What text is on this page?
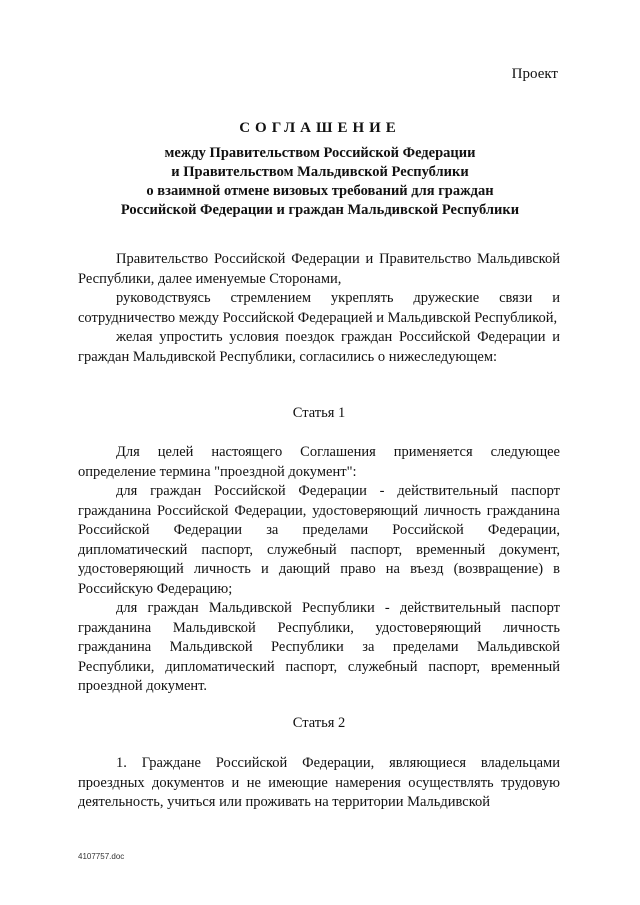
Проект
СОГЛАШЕНИЕ
между Правительством Российской Федерации
и Правительством Мальдивской Республики
о взаимной отмене визовых требований для граждан
Российской Федерации и граждан Мальдивской Республики

Правительство Российской Федерации и Правительство Мальдивской Республики, далее именуемые Сторонами,

руководствуясь стремлением укреплять дружеские связи и сотрудничество между Российской Федерацией и Мальдивской Республикой,

желая упростить условия поездок граждан Российской Федерации и граждан Мальдивской Республики, согласились о нижеследующем:

Статья 1

Для целей настоящего Соглашения применяется следующее определение термина "проездной документ":

для граждан Российской Федерации - действительный паспорт гражданина Российской Федерации, удостоверяющий личность гражданина Российской Федерации за пределами Российской Федерации, дипломатический паспорт, служебный паспорт, временный документ, удостоверяющий личность и дающий право на въезд (возвращение) в Российскую Федерацию;

для граждан Мальдивской Республики - действительный паспорт гражданина Мальдивской Республики, удостоверяющий личность гражданина Мальдивской Республики за пределами Мальдивской Республики, дипломатический паспорт, служебный паспорт, временный проездной документ.

Статья 2

1. Граждане Российской Федерации, являющиеся владельцами проездных документов и не имеющие намерения осуществлять трудовую деятельность, учиться или проживать на территории Мальдивской

4107757.doc
